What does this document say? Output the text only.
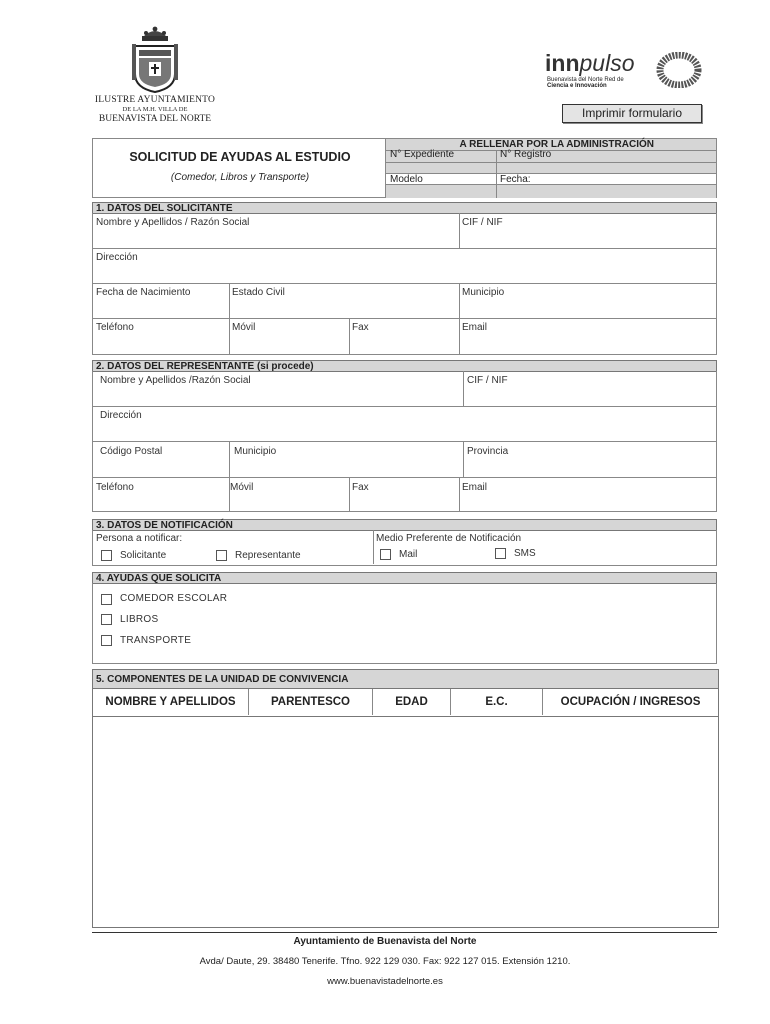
ILUSTRE AYUNTAMIENTO
DE LA M.H. VILLA DE
BUENAVISTA DEL NORTE
innpulso
Buenavista del Norte Red de
Ciencia e Innovación
Imprimir formulario
SOLICITUD DE AYUDAS AL ESTUDIO
(Comedor, Libros y Transporte)
A RELLENAR POR LA ADMINISTRACIÓN
N° Expediente	N° Registro
Modelo	Fecha:
1. DATOS DEL SOLICITANTE
Nombre y Apellidos / Razón Social	CIF / NIF
Dirección
Fecha de Nacimiento	Estado Civil	Municipio
Teléfono	Móvil	Fax	Email
2. DATOS DEL REPRESENTANTE (si procede)
Nombre y Apellidos /Razón Social	CIF / NIF
Dirección
Código Postal	Municipio	Provincia
Teléfono	Móvil	Fax	Email
3. DATOS DE NOTIFICACIÓN
Persona a notificar:
Solicitante	Representante
Medio Preferente de Notificación
Mail	SMS
4. AYUDAS QUE SOLICITA
COMEDOR ESCOLAR
LIBROS
TRANSPORTE
5. COMPONENTES DE LA UNIDAD DE CONVIVENCIA
NOMBRE Y APELLIDOS	PARENTESCO	EDAD	E.C.	OCUPACIÓN / INGRESOS
Ayuntamiento de Buenavista del Norte
Avda/ Daute, 29. 38480 Tenerife. Tfno. 922 129 030. Fax: 922 127 015. Extensión 1210.
www.buenavistadelnorte.es
